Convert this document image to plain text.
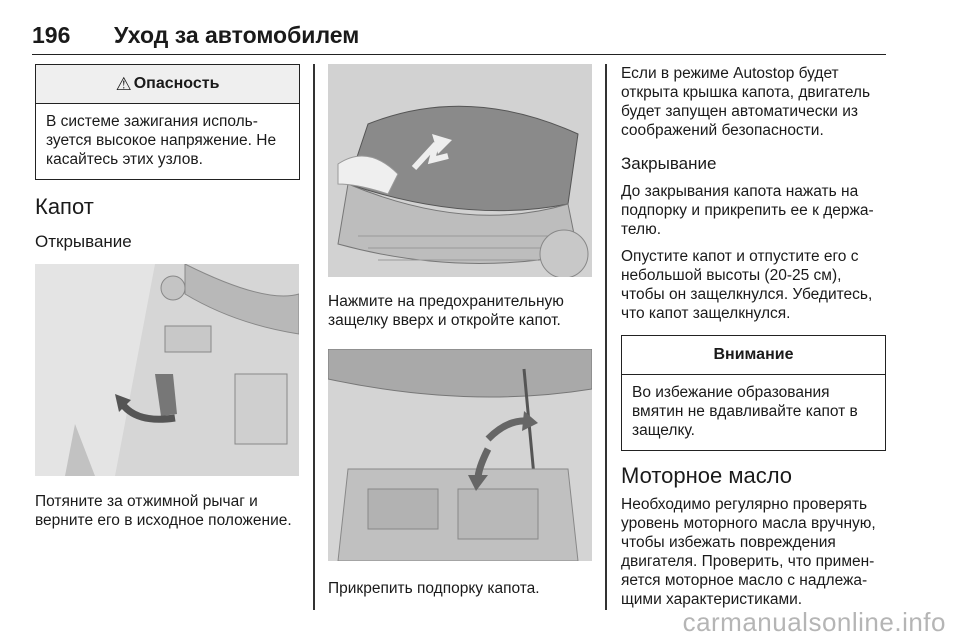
196 Уход за автомобилем
⚠ Опасность
В системе зажигания исполь-зуется высокое напряжение. Не касайтесь этих узлов.
Капот
Открывание

Потяните за отжимной рычаг и верните его в исходное положение.

Нажмите на предохранительную защелку вверх и откройте капот.

Прикрепить подпорку капота.

Если в режиме Autostop будет открыта крышка капота, двигатель будет запущен автоматически из соображений безопасности.

Закрывание

До закрывания капота нажать на подпорку и прикрепить ее к держа-телю.

Опустите капот и отпустите его с небольшой высоты (20-25 см), чтобы он защелкнулся. Убедитесь, что капот защелкнулся.

Внимание
Во избежание образования вмятин не вдавливайте капот в защелку.
Моторное масло

Необходимо регулярно проверять уровень моторного масла вручную, чтобы избежать повреждения двигателя. Проверить, что примен-яется моторное масло с надлежа-щими характеристиками.

carmanualsonline.info
